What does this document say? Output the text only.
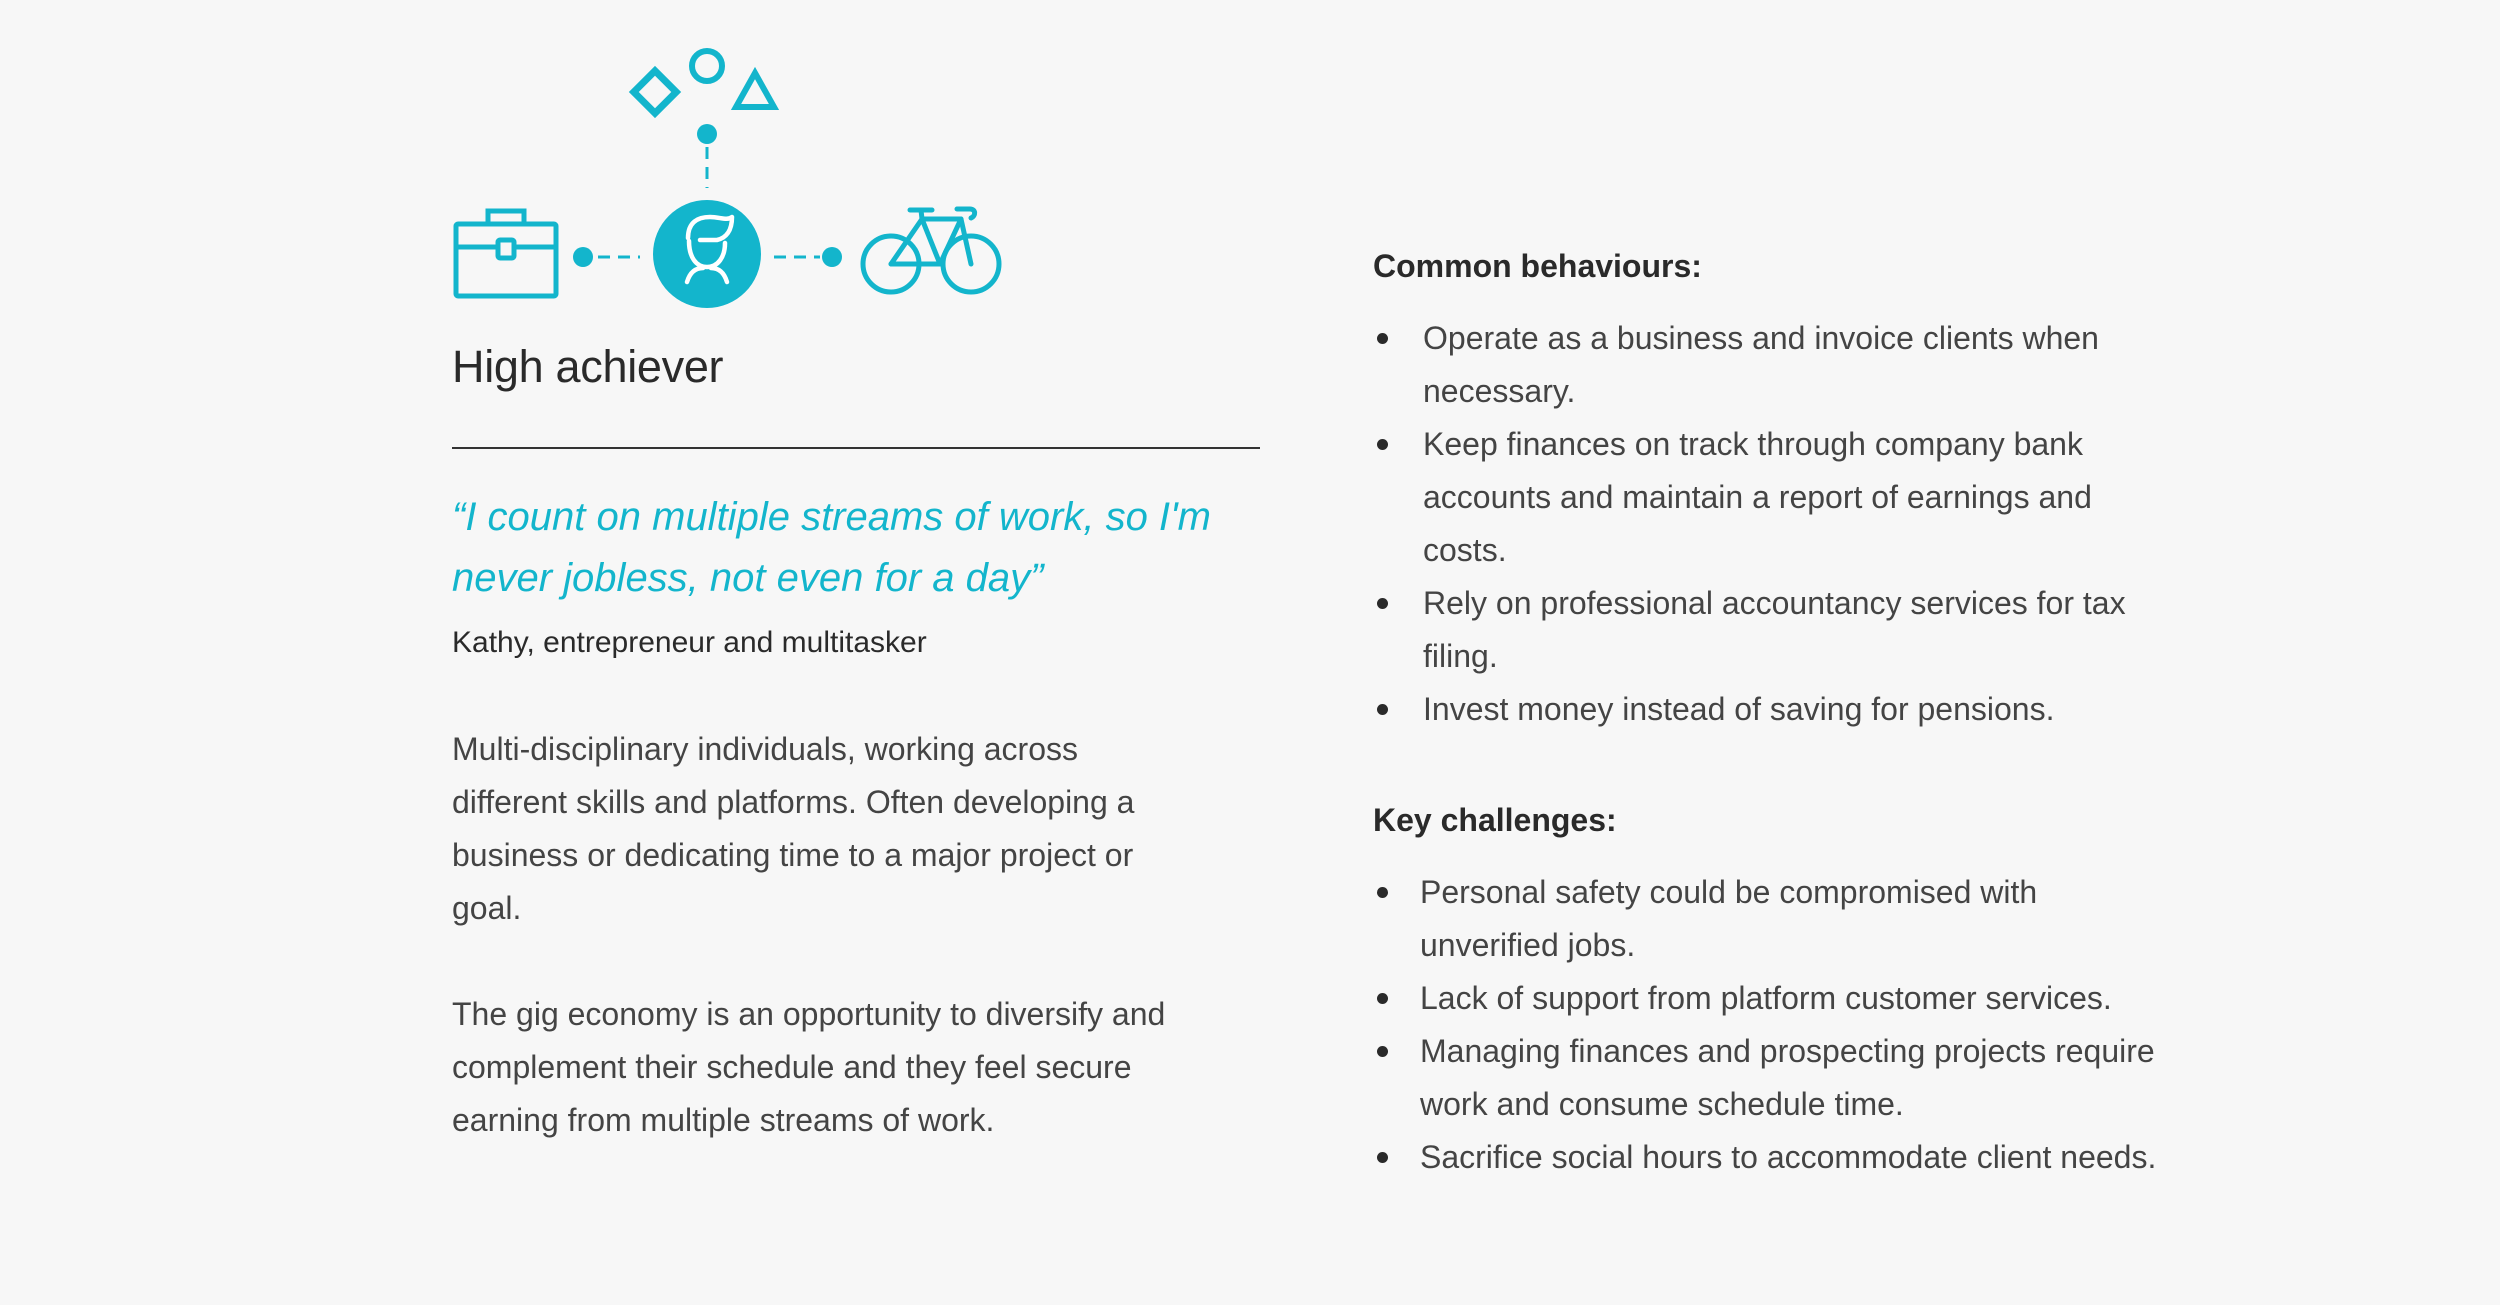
High achiever
“I count on multiple streams of work, so I'm never jobless, not even for a day”
Kathy, entrepreneur and multitasker

Multi-disciplinary individuals, working across different skills and platforms. Often developing a business or dedicating time to a major project or goal.

The gig economy is an opportunity to diversify and complement their schedule and they feel secure earning from multiple streams of work.

Common behaviours:
Operate as a business and invoice clients when necessary.
Keep finances on track through company bank accounts and maintain a report of earnings and costs.
Rely on professional accountancy services for tax filing.
Invest money instead of saving for pensions.
Key challenges:
Personal safety could be compromised with unverified jobs.
Lack of support from platform customer services.
Managing finances and prospecting projects require work and consume schedule time.
Sacrifice social hours to accommodate client needs.
